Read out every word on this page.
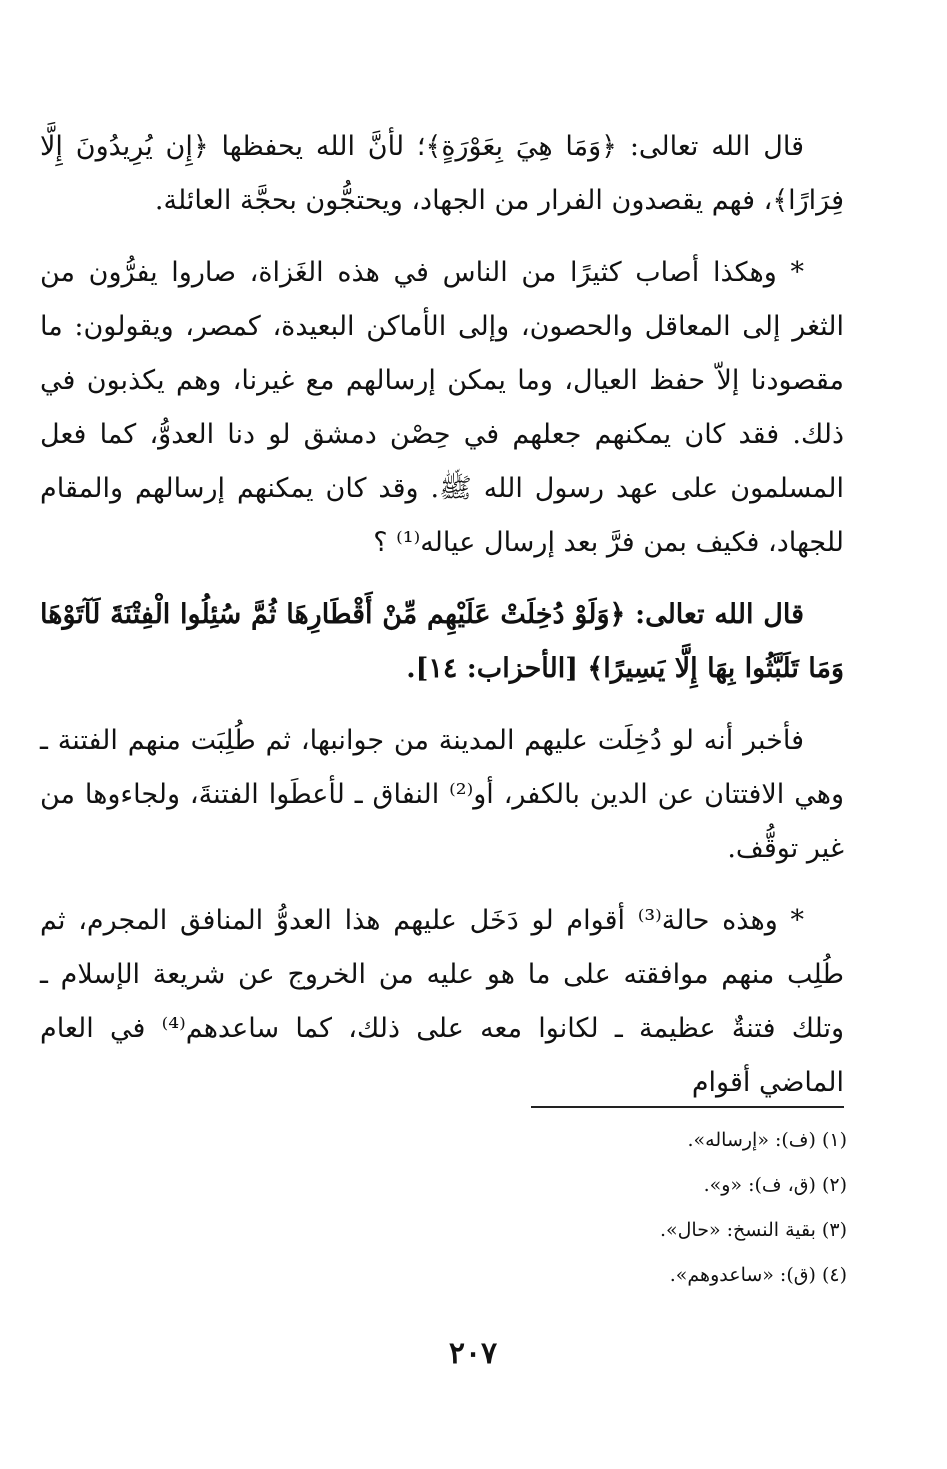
قال الله تعالى: ﴿وَمَا هِيَ بِعَوْرَةٍ﴾؛ لأنَّ الله يحفظها ﴿إِن يُرِيدُونَ إِلَّا فِرَارًا﴾، فهم يقصدون الفرار من الجهاد، ويحتجُّون بحجَّة العائلة.

* وهكذا أصاب كثيرًا من الناس في هذه الغَزاة، صاروا يفرُّون من الثغر إلى المعاقل والحصون، وإلى الأماكن البعيدة، كمصر، ويقولون: ما مقصودنا إلاّ حفظ العيال، وما يمكن إرسالهم مع غيرنا، وهم يكذبون في ذلك. فقد كان يمكنهم جعلهم في حِصْن دمشق لو دنا العدوُّ، كما فعل المسلمون على عهد رسول الله ﷺ. وقد كان يمكنهم إرسالهم والمقام للجهاد، فكيف بمن فرَّ بعد إرسال عياله⁽¹⁾ ؟

قال الله تعالى: ﴿وَلَوْ دُخِلَتْ عَلَيْهِم مِّنْ أَقْطَارِهَا ثُمَّ سُئِلُوا الْفِتْنَةَ لَآتَوْهَا وَمَا تَلَبَّثُوا بِهَا إِلَّا يَسِيرًا﴾ [الأحزاب: ١٤].

فأخبر أنه لو دُخِلَت عليهم المدينة من جوانبها، ثم طُلِبَت منهم الفتنة ـ وهي الافتتان عن الدين بالكفر، أو⁽²⁾ النفاق ـ لأعطَوا الفتنةَ، ولجاءوها من غير توقُّف.

* وهذه حالة⁽³⁾ أقوام لو دَخَل عليهم هذا العدوُّ المنافق المجرم، ثم طُلِب منهم موافقته على ما هو عليه من الخروج عن شريعة الإسلام ـ وتلك فتنةٌ عظيمة ـ لكانوا معه على ذلك، كما ساعدهم⁽⁴⁾ في العام الماضي أقوام

(١) (ف): «إرساله».

(٢) (ق، ف): «و».

(٣) بقية النسخ: «حال».

(٤) (ق): «ساعدوهم».

٢٠٧
